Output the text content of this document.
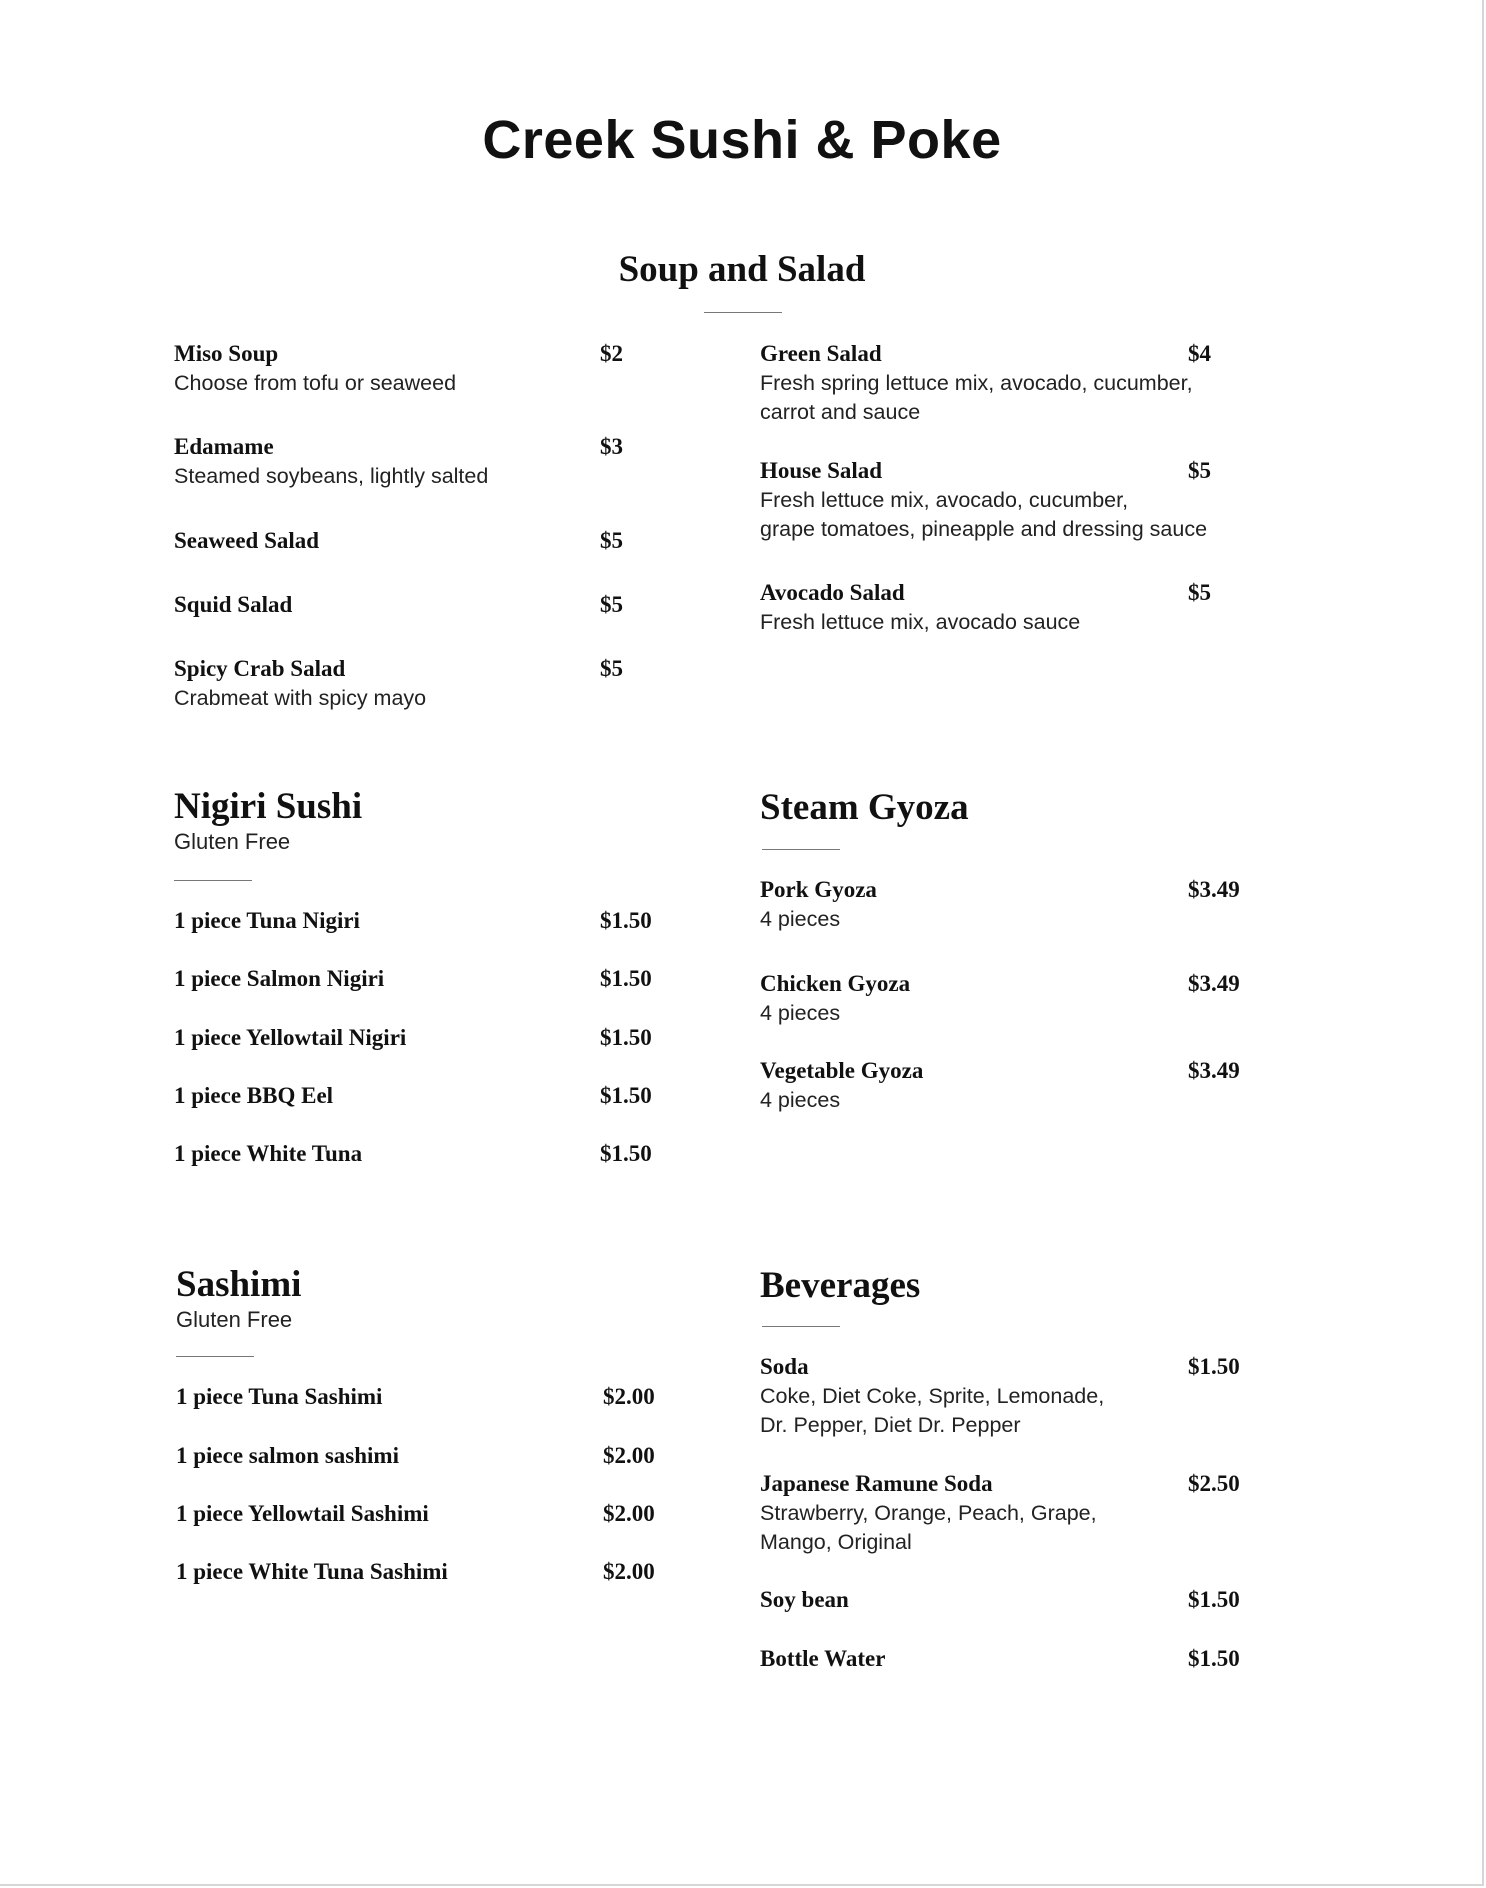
Creek Sushi & Poke
Soup and Salad
Miso Soup	$2
Choose from tofu or seaweed
Edamame	$3
Steamed soybeans, lightly salted
Seaweed Salad	$5
Squid Salad	$5
Spicy Crab Salad	$5
Crabmeat with spicy mayo
Green Salad	$4
Fresh spring lettuce mix, avocado, cucumber,
carrot and sauce
House Salad	$5
Fresh lettuce mix, avocado, cucumber,
grape tomatoes, pineapple and dressing sauce
Avocado Salad	$5
Fresh lettuce mix, avocado sauce
Nigiri Sushi
Gluten Free
1 piece Tuna Nigiri	$1.50
1 piece Salmon Nigiri	$1.50
1 piece Yellowtail Nigiri	$1.50
1 piece BBQ Eel	$1.50
1 piece White Tuna	$1.50
Steam Gyoza
Pork Gyoza	$3.49
4 pieces
Chicken Gyoza	$3.49
4 pieces
Vegetable Gyoza	$3.49
4 pieces
Sashimi
Gluten Free
1 piece Tuna Sashimi	$2.00
1 piece salmon sashimi	$2.00
1 piece Yellowtail Sashimi	$2.00
1 piece White Tuna Sashimi	$2.00
Beverages
Soda	$1.50
Coke, Diet Coke, Sprite, Lemonade,
Dr. Pepper, Diet Dr. Pepper
Japanese Ramune Soda	$2.50
Strawberry, Orange, Peach, Grape,
Mango, Original
Soy bean	$1.50
Bottle Water	$1.50
